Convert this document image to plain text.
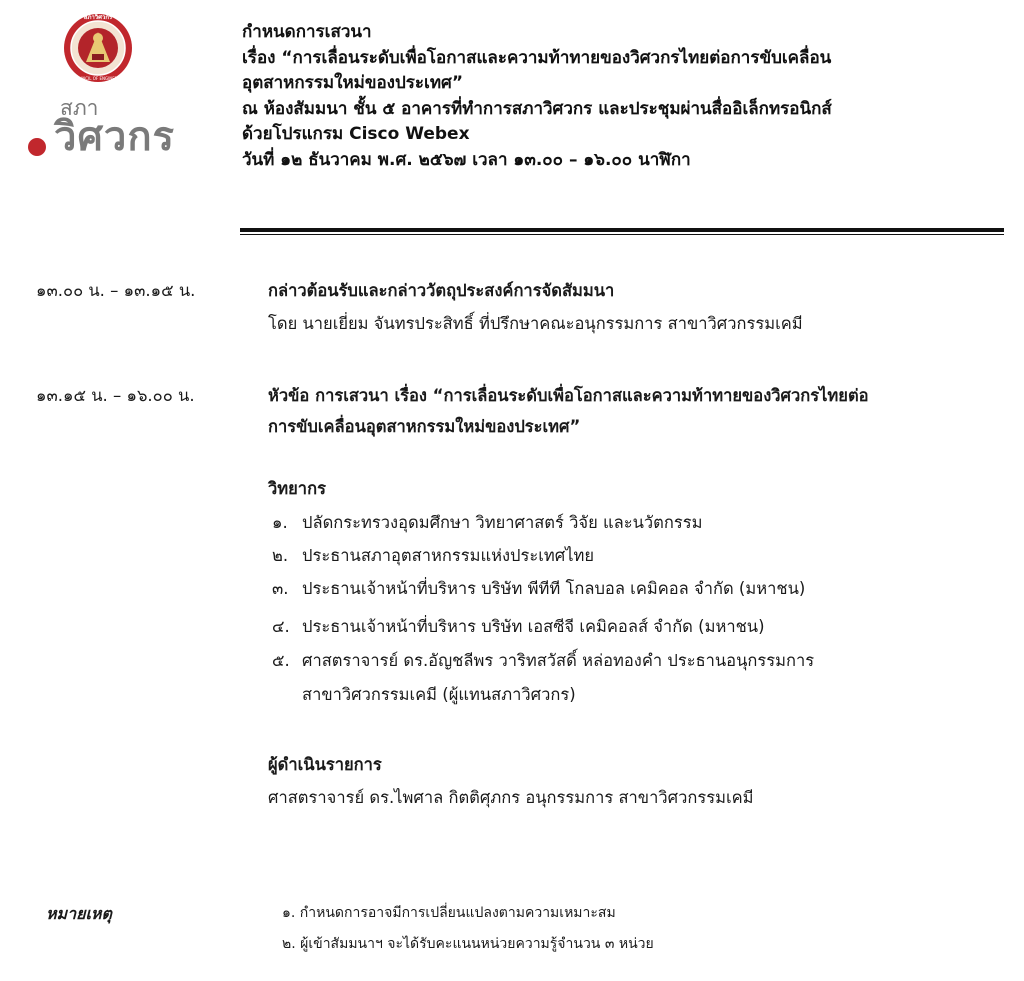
สภาวิศวกร
COUNCIL OF ENGINEERS
สภา
วิศวกร
กำหนดการเสวนา
เรื่อง “การเลื่อนระดับเพื่อโอกาสและความท้าทายของวิศวกรไทยต่อการขับเคลื่อน
อุตสาหกรรมใหม่ของประเทศ”
ณ ห้องสัมมนา ชั้น ๕ อาคารที่ทำการสภาวิศวกร และประชุมผ่านสื่ออิเล็กทรอนิกส์
ด้วยโปรแกรม Cisco Webex
วันที่ ๑๒ ธันวาคม พ.ศ. ๒๕๖๗ เวลา ๑๓.๐๐ – ๑๖.๐๐ นาฬิกา
๑๓.๐๐ น. – ๑๓.๑๕ น.	กล่าวต้อนรับและกล่าววัตถุประสงค์การจัดสัมมนา
โดย นายเยี่ยม จันทรประสิทธิ์ ที่ปรึกษาคณะอนุกรรมการ สาขาวิศวกรรมเคมี
๑๓.๑๕ น. – ๑๖.๐๐ น.	หัวข้อ การเสวนา เรื่อง “การเลื่อนระดับเพื่อโอกาสและความท้าทายของวิศวกรไทยต่อ
การขับเคลื่อนอุตสาหกรรมใหม่ของประเทศ”
วิทยากร
๑. ปลัดกระทรวงอุดมศึกษา วิทยาศาสตร์ วิจัย และนวัตกรรม
๒. ประธานสภาอุตสาหกรรมแห่งประเทศไทย
๓. ประธานเจ้าหน้าที่บริหาร บริษัท พีทีที โกลบอล เคมิคอล จำกัด (มหาชน)
๔. ประธานเจ้าหน้าที่บริหาร บริษัท เอสซีจี เคมิคอลส์ จำกัด (มหาชน)
๕. ศาสตราจารย์ ดร.อัญชลีพร วาริทสวัสดิ์ หล่อทองคำ ประธานอนุกรรมการ
สาขาวิศวกรรมเคมี (ผู้แทนสภาวิศวกร)
ผู้ดำเนินรายการ
ศาสตราจารย์ ดร.ไพศาล กิตติศุภกร อนุกรรมการ สาขาวิศวกรรมเคมี
หมายเหตุ	๑. กำหนดการอาจมีการเปลี่ยนแปลงตามความเหมาะสม
๒. ผู้เข้าสัมมนาฯ จะได้รับคะแนนหน่วยความรู้จำนวน ๓ หน่วย
